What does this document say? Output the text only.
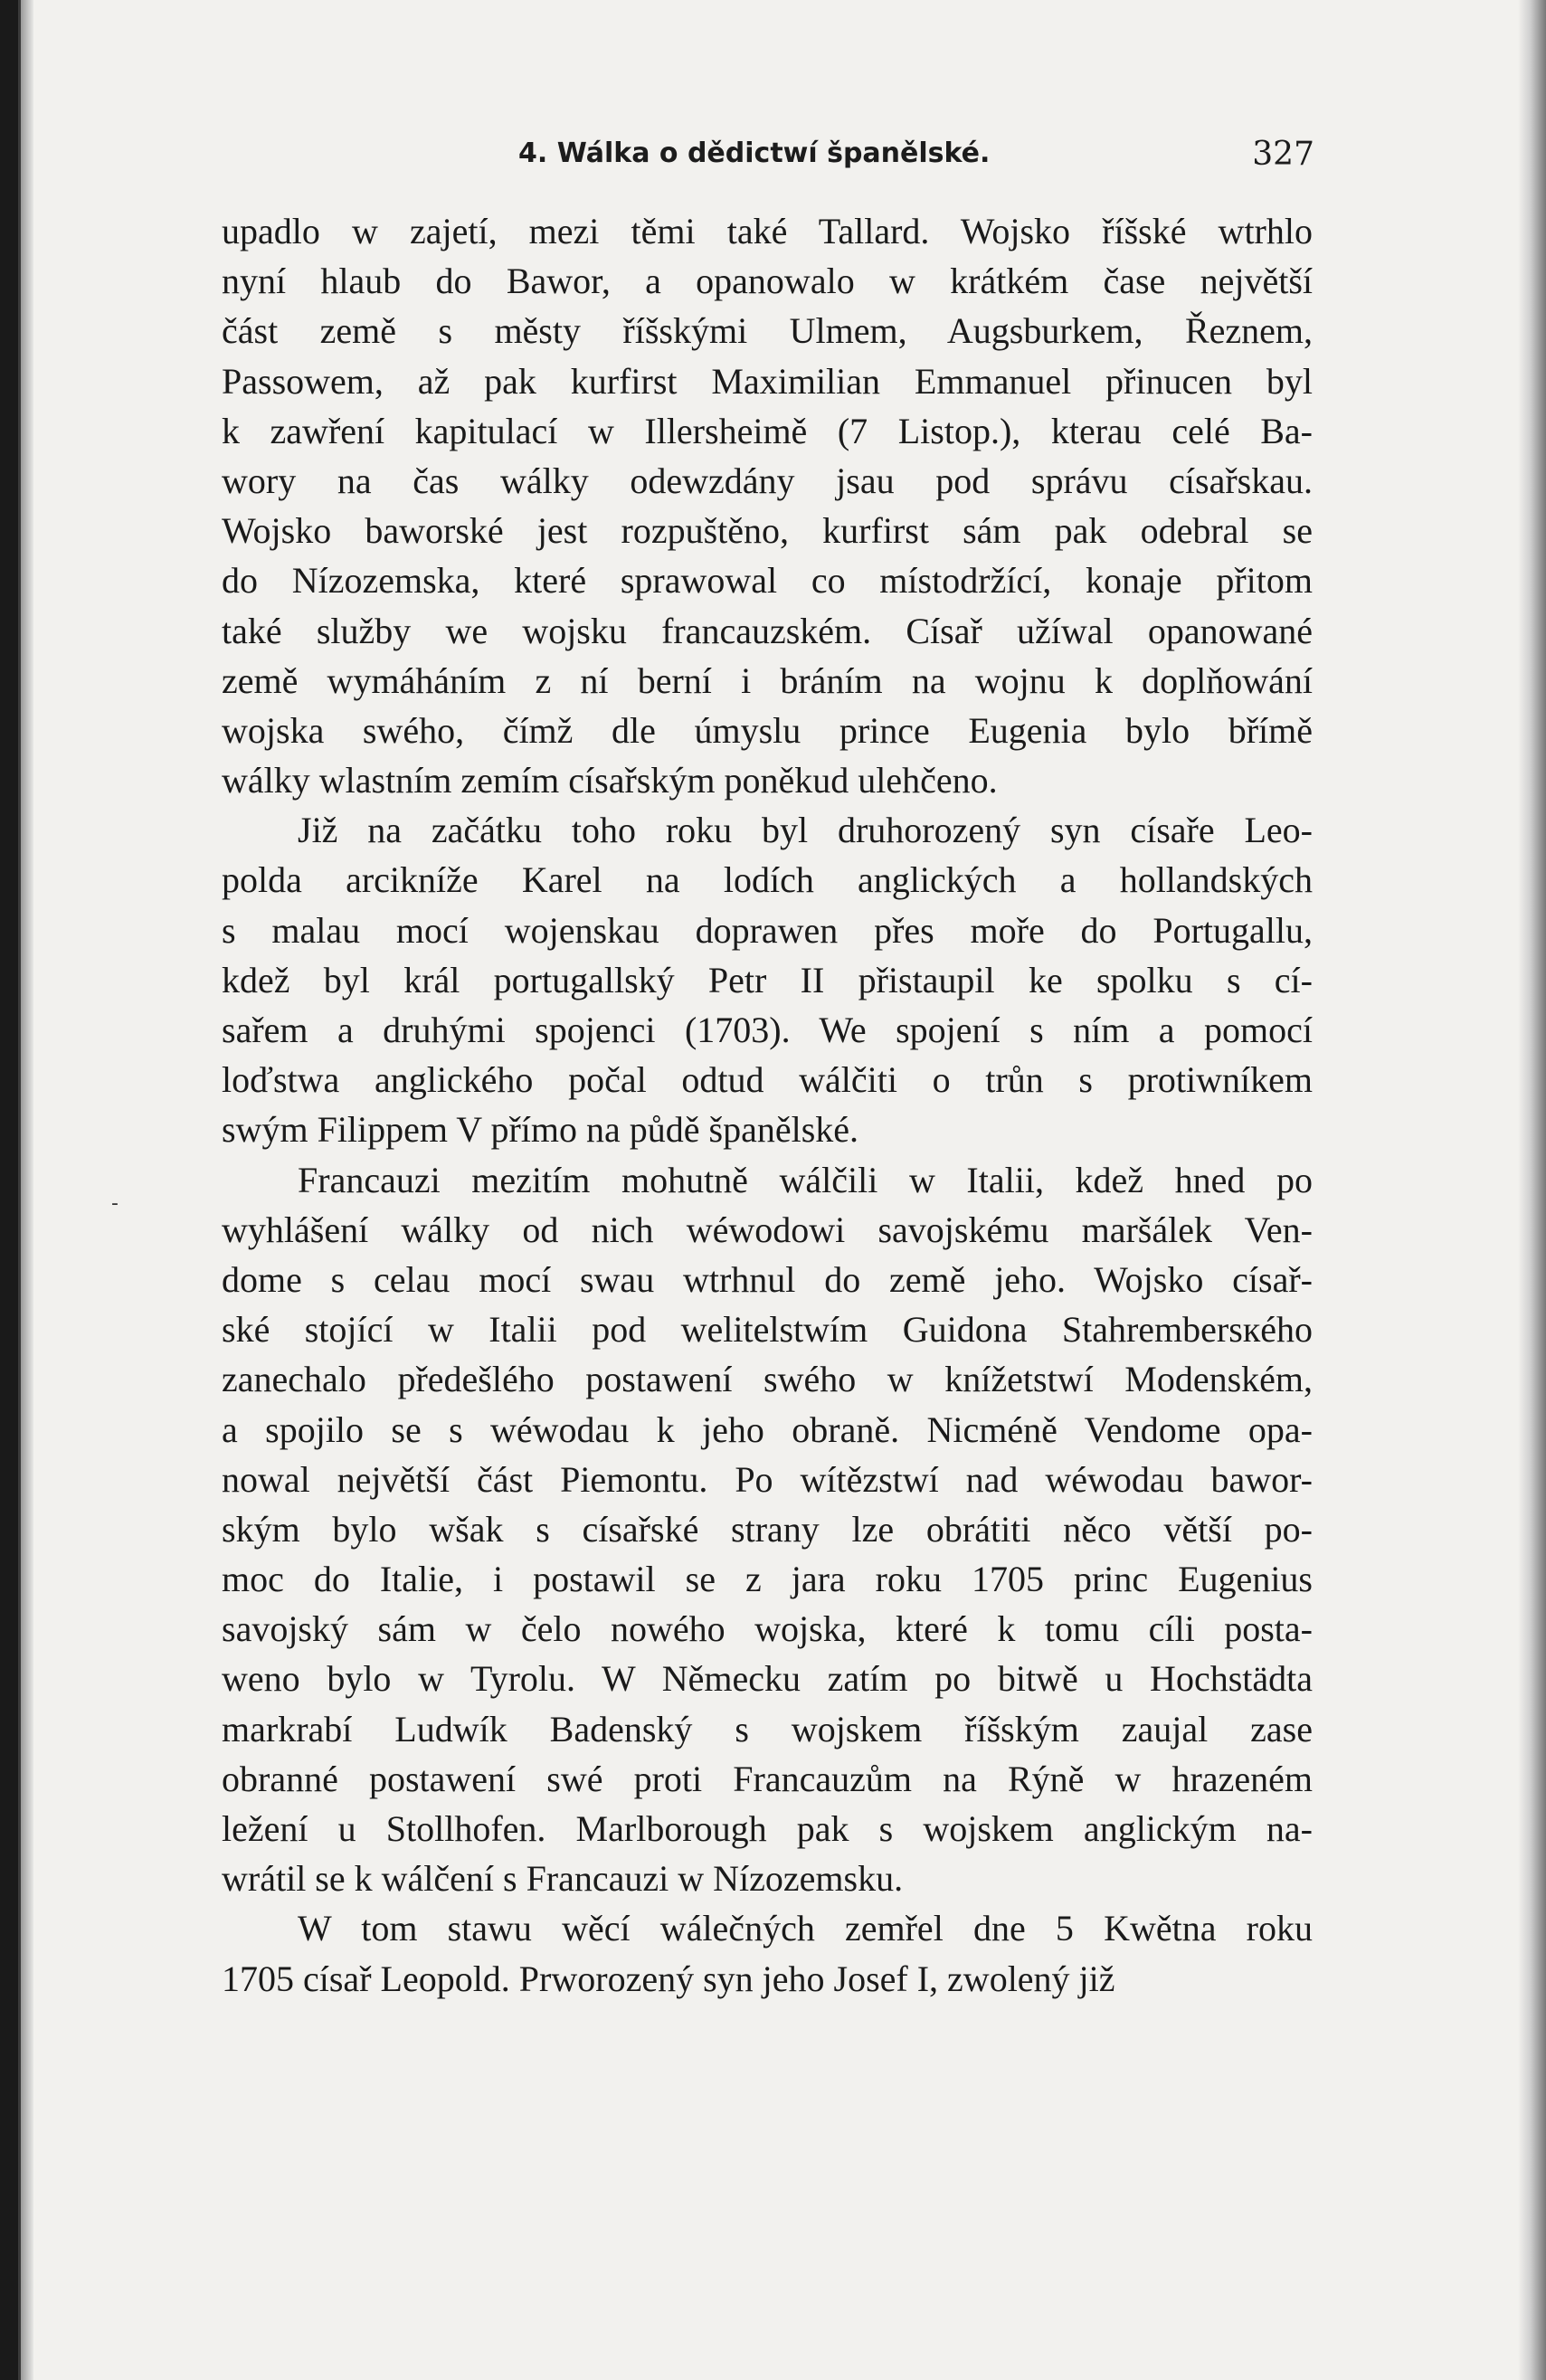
4. Wálka o dědictwí španělské.	327
-
upadlo w zajetí, mezi těmi také Tallard. Wojsko říšské wtrhlo
nyní hlaub do Bawor, a opanowalo w krátkém čase největší
část země s městy říšskými Ulmem, Augsburkem, Řeznem,
Passowem, až pak kurfirst Maximilian Emmanuel přinucen byl
k zawření kapitulací w Illersheimě (7 Listop.), kterau celé Ba-
wory na čas wálky odewzdány jsau pod správu císařskau.
Wojsko baworské jest rozpuštěno, kurfirst sám pak odebral se
do Nízozemska, které sprawowal co místodržící, konaje přitom
také služby we wojsku francauzském. Císař užíwal opanowané
země wymáháním z ní berní i bráním na wojnu k doplňowání
wojska swého, čímž dle úmyslu prince Eugenia bylo břímě
wálky wlastním zemím císařským poněkud ulehčeno.
Již na začátku toho roku byl druhorozený syn císaře Leo-
polda arcikníže Karel na lodích anglických a hollandských
s malau mocí wojenskau doprawen přes moře do Portugallu,
kdež byl král portugallský Petr II přistaupil ke spolku s cí-
sařem a druhými spojenci (1703). We spojení s ním a pomocí
loďstwa anglického počal odtud wálčiti o trůn s protiwníkem
swým Filippem V přímo na půdě španělské.
Francauzi mezitím mohutně wálčili w Italii, kdež hned po
wyhlášení wálky od nich wéwodowi savojskému maršálek Ven-
dome s celau mocí swau wtrhnul do země jeho. Wojsko císař-
ské stojící w Italii pod welitelstwím Guidona Stahrembersкého
zanechalo předešlého postawení swého w knížetstwí Modenském,
a spojilo se s wéwodau k jeho obraně. Nicméně Vendome opa-
nowal největší část Piemontu. Po wítězstwí nad wéwodau bawor-
ským bylo wšak s císařské strany lze obrátiti něco větší po-
moc do Italie, i postawil se z jara roku 1705 princ Eugenius
savojský sám w čelo nowého wojska, které k tomu cíli posta-
weno bylo w Tyrolu. W Německu zatím po bitwě u Hochstädta
markrabí Ludwík Badenský s wojskem říšským zaujal zase
obranné postawení swé proti Francauzům na Rýně w hrazeném
ležení u Stollhofen. Marlborough pak s wojskem anglickým na-
wrátil se k wálčení s Francauzi w Nízozemsku.
W tom stawu wěcí wálečných zemřel dne 5 Kwětna roku
1705 císař Leopold. Prworozený syn jeho Josef I, zwolený již
